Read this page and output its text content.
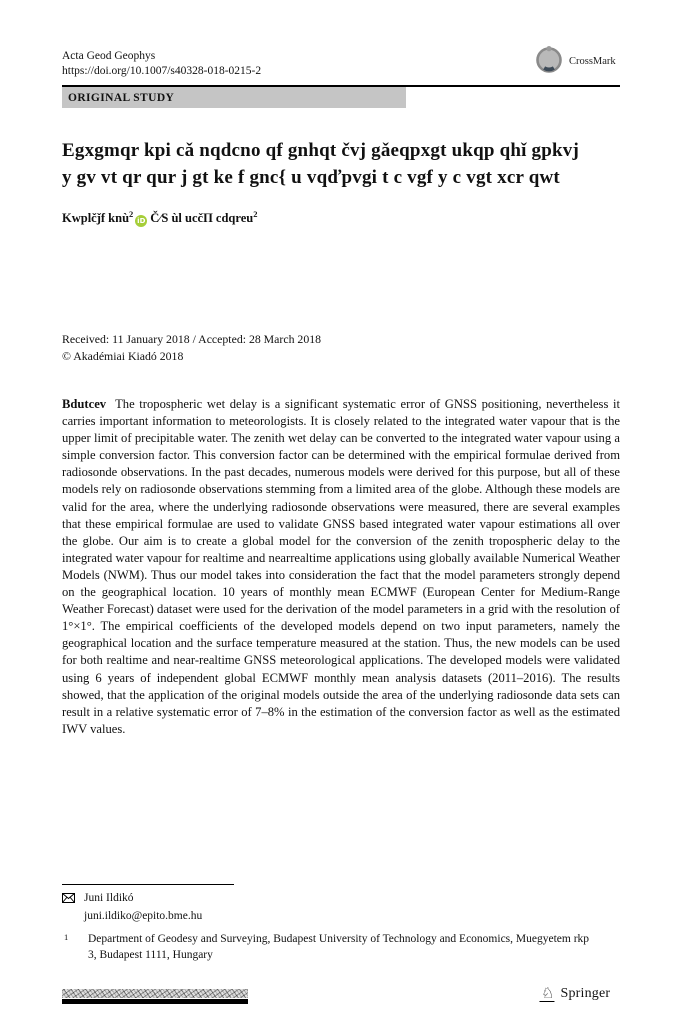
Acta Geod Geophys
https://doi.org/10.1007/s40328-018-0215-2
CrossMark
ORIGINAL STUDY
Egxgmqr kpi cǎ nqdcno qf gnhqt čvj gǎeqpxgt ukqp qhǐ gpkvj
y gv vt qr qur j gt ke f gnc{ u vqďpvgi t c vgf y c vgt xcr qwt
Kwplčǰf knù$^2$iD Č⁄S ùl ucčΠ cdqreu$^2$
Received: 11 January 2018 / Accepted: 28 March 2018
© Akadémiai Kiadó 2018
Bdutcev The tropospheric wet delay is a significant systematic error of GNSS positioning, nevertheless it carries important information to meteorologists. It is closely related to the integrated water vapour that is the upper limit of precipitable water. The zenith wet delay can be converted to the integrated water vapour using a simple conversion factor. This conversion factor can be determined with the empirical formulae derived from radiosonde observations. In the past decades, numerous models were derived for this purpose, but all of these models rely on radiosonde observations stemming from a limited area of the globe. Although these models are valid for the area, where the underlying radiosonde observations were measured, there are several examples that these empirical formulae are used to validate GNSS based integrated water vapour estimations all over the globe. Our aim is to create a global model for the conversion of the zenith tropospheric delay to the integrated water vapour for realtime and nearrealtime applications using globally available Numerical Weather Models (NWM). Thus our model takes into consideration the fact that the model parameters strongly depend on the geographical location. 10 years of monthly mean ECMWF (European Center for Medium-Range Weather Forecast) dataset were used for the derivation of the model parameters in a grid with the resolution of 1°×1°. The empirical coefficients of the developed models depend on two input parameters, namely the geographical location and the surface temperature measured at the station. Thus, the new models can be used for both realtime and near-realtime GNSS meteorological applications. The developed models were validated using 6 years of independent global ECMWF monthly mean analysis datasets (2011–2016). The results showed, that the application of the original models outside the area of the underlying radiosonde data sets can result in a relative systematic error of 7–8% in the estimation of the conversion factor as well as the estimated IWV values.
Juni Ildikó
juni.ildiko@epito.bme.hu
1 Department of Geodesy and Surveying, Budapest University of Technology and Economics, Muegyetem rkp 3, Budapest 1111, Hungary
♘ Springer
